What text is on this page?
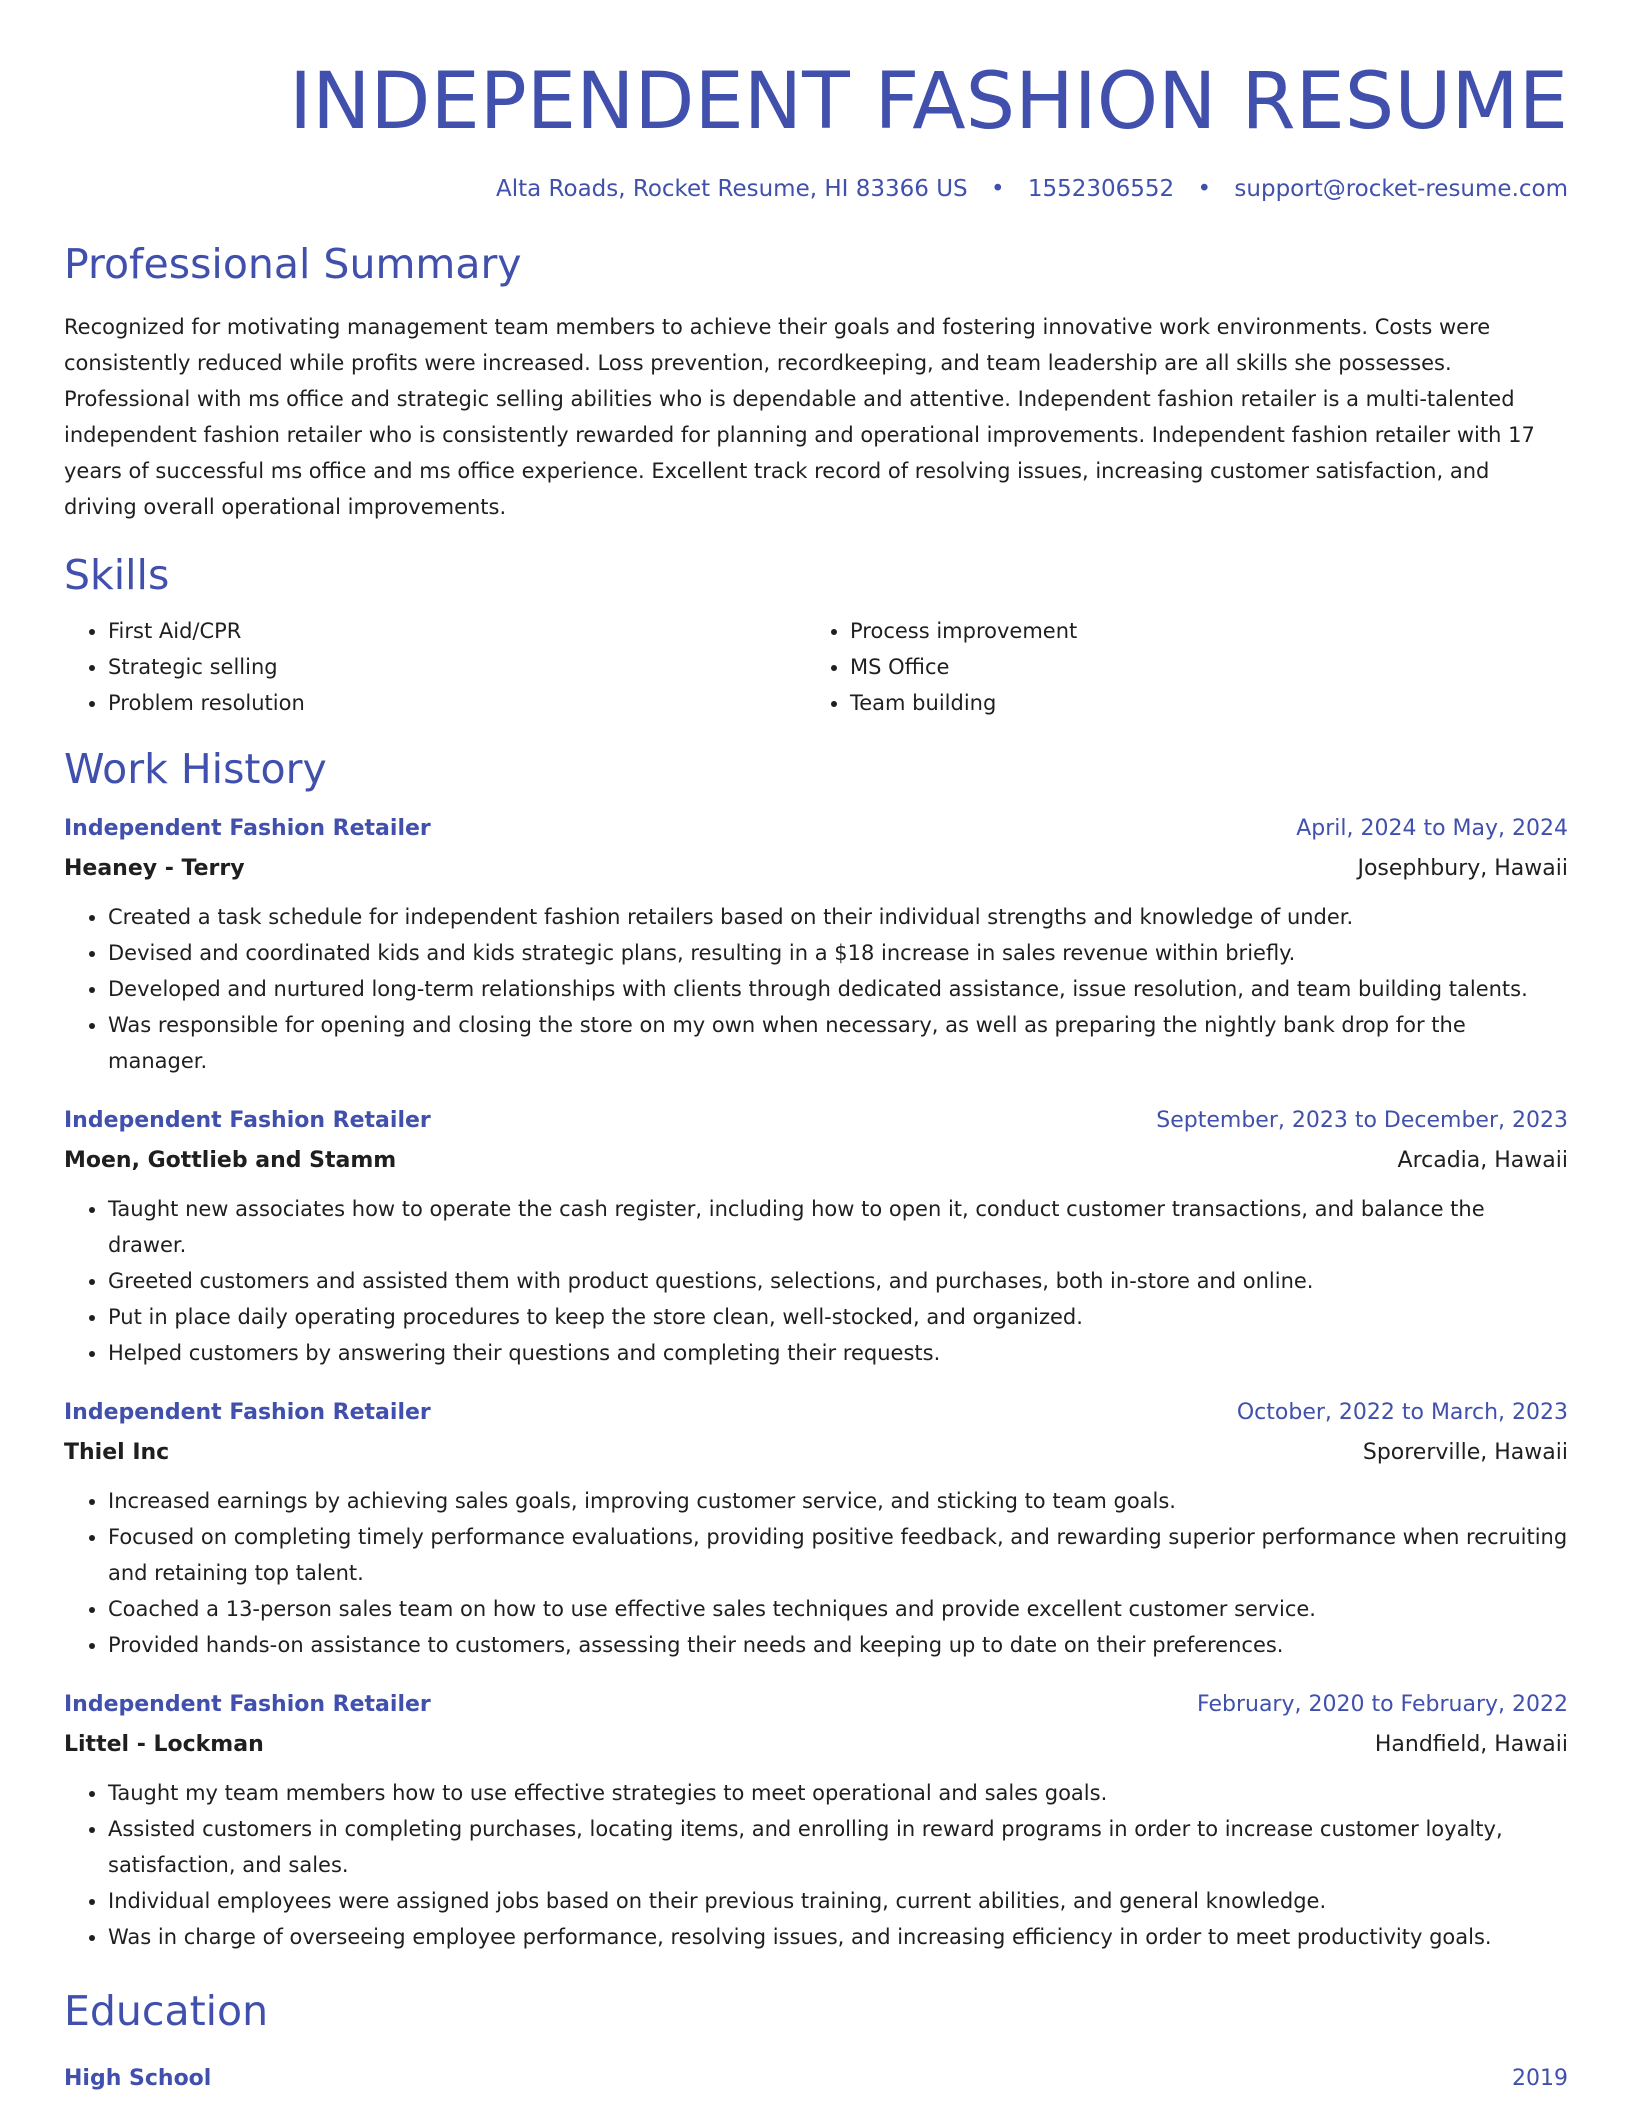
INDEPENDENT FASHION RESUME
Alta Roads, Rocket Resume, HI 83366 US • 1552306552 • support@rocket-resume.com
Professional Summary
Recognized for motivating management team members to achieve their goals and fostering innovative work environments. Costs were consistently reduced while profits were increased. Loss prevention, recordkeeping, and team leadership are all skills she possesses. Professional with ms office and strategic selling abilities who is dependable and attentive. Independent fashion retailer is a multi-talented independent fashion retailer who is consistently rewarded for planning and operational improvements. Independent fashion retailer with 17 years of successful ms office and ms office experience. Excellent track record of resolving issues, increasing customer satisfaction, and driving overall operational improvements.
Skills
• First Aid/CPR
• Strategic selling
• Problem resolution
• Process improvement
• MS Office
• Team building
Work History
Independent Fashion Retailer	April, 2024 to May, 2024
Heaney - Terry	Josephbury, Hawaii
• Created a task schedule for independent fashion retailers based on their individual strengths and knowledge of under.
• Devised and coordinated kids and kids strategic plans, resulting in a $18 increase in sales revenue within briefly.
• Developed and nurtured long-term relationships with clients through dedicated assistance, issue resolution, and team building talents.
• Was responsible for opening and closing the store on my own when necessary, as well as preparing the nightly bank drop for the manager.
Independent Fashion Retailer	September, 2023 to December, 2023
Moen, Gottlieb and Stamm	Arcadia, Hawaii
• Taught new associates how to operate the cash register, including how to open it, conduct customer transactions, and balance the drawer.
• Greeted customers and assisted them with product questions, selections, and purchases, both in-store and online.
• Put in place daily operating procedures to keep the store clean, well-stocked, and organized.
• Helped customers by answering their questions and completing their requests.
Independent Fashion Retailer	October, 2022 to March, 2023
Thiel Inc	Sporerville, Hawaii
• Increased earnings by achieving sales goals, improving customer service, and sticking to team goals.
• Focused on completing timely performance evaluations, providing positive feedback, and rewarding superior performance when recruiting and retaining top talent.
• Coached a 13-person sales team on how to use effective sales techniques and provide excellent customer service.
• Provided hands-on assistance to customers, assessing their needs and keeping up to date on their preferences.
Independent Fashion Retailer	February, 2020 to February, 2022
Littel - Lockman	Handfield, Hawaii
• Taught my team members how to use effective strategies to meet operational and sales goals.
• Assisted customers in completing purchases, locating items, and enrolling in reward programs in order to increase customer loyalty, satisfaction, and sales.
• Individual employees were assigned jobs based on their previous training, current abilities, and general knowledge.
• Was in charge of overseeing employee performance, resolving issues, and increasing efficiency in order to meet productivity goals.
Education
High School	2019
